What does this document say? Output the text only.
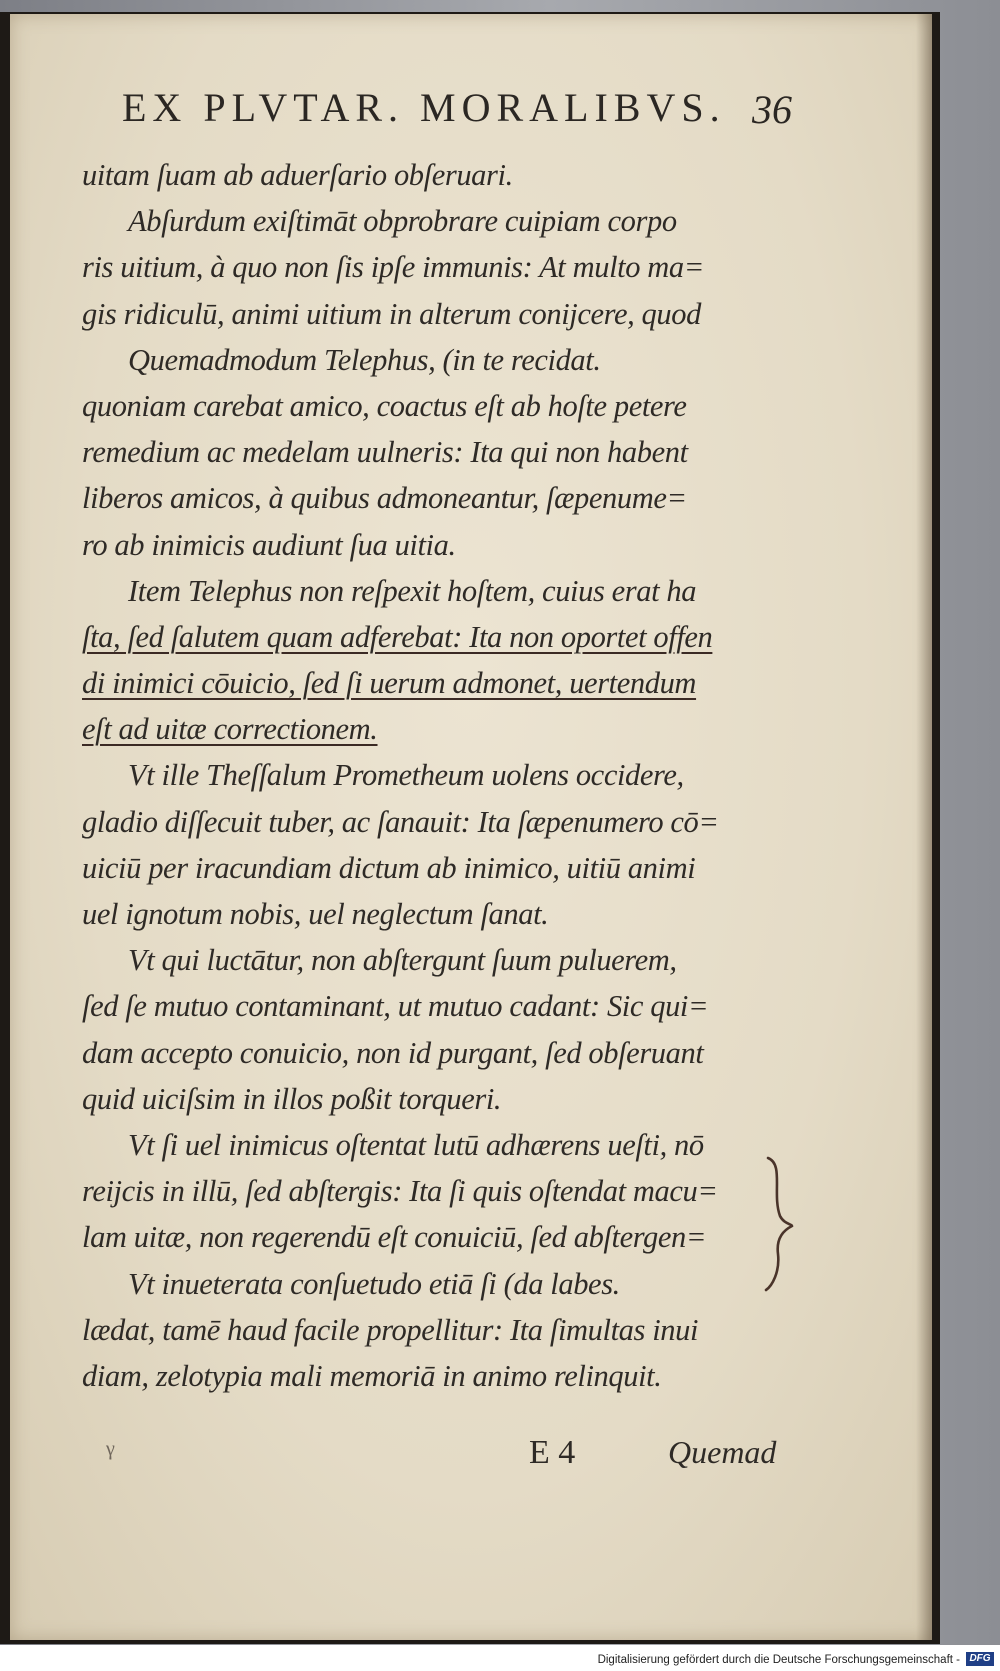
EX PLVTAR. MORALIBVS. 36
uitam ſuam ab aduerſario obſeruari.
Abſurdum exiſtimāt obprobrare cuipiam corpo
ris uitium, à quo non ſis ipſe immunis: At multo ma=
gis ridiculū, animi uitium in alterum conijcere, quod
Quemadmodum Telephus, (in te recidat.
quoniam carebat amico, coactus eſt ab hoſte petere
remedium ac medelam uulneris: Ita qui non habent
liberos amicos, à quibus admoneantur, ſæpenume=
ro ab inimicis audiunt ſua uitia.
Item Telephus non reſpexit hoſtem, cuius erat ha
ſta, ſed ſalutem quam adferebat: Ita non oportet offen
di inimici cōuicio, ſed ſi uerum admonet, uertendum
eſt ad uitæ correctionem.
Vt ille Theſſalum Prometheum uolens occidere,
gladio diſſecuit tuber, ac ſanauit: Ita ſæpenumero cō=
uiciū per iracundiam dictum ab inimico, uitiū animi
uel ignotum nobis, uel neglectum ſanat.
Vt qui luctātur, non abſtergunt ſuum puluerem,
ſed ſe mutuo contaminant, ut mutuo cadant: Sic qui=
dam accepto conuicio, non id purgant, ſed obſeruant
quid uiciſsim in illos poßit torqueri.
Vt ſi uel inimicus oſtentat lutū adhærens ueſti, nō
reijcis in illū, ſed abſtergis: Ita ſi quis oſtendat macu=
lam uitæ, non regerendū eſt conuiciū, ſed abſtergen=
Vt inueterata conſuetudo etiā ſi (da labes.
lædat, tamē haud facile propellitur: Ita ſimultas inui
diam, zelotypia mali memoriā in animo relinquit.
γ	E 4	Quemad
Digitalisierung gefördert durch die Deutsche Forschungsgemeinschaft - DFG
